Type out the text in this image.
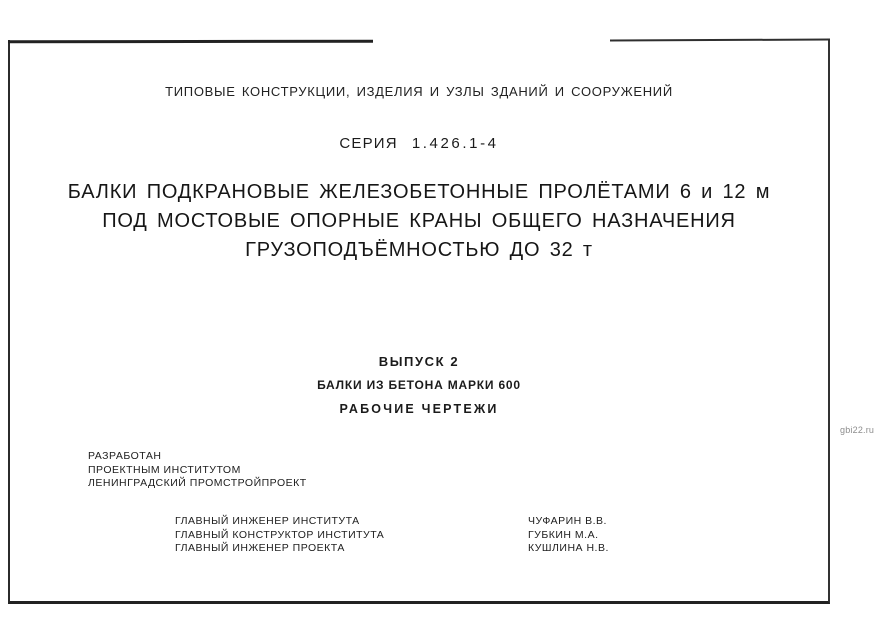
ТИПОВЫЕ КОНСТРУКЦИИ, ИЗДЕЛИЯ И УЗЛЫ ЗДАНИЙ И СООРУЖЕНИЙ
СЕРИЯ 1.426.1-4
БАЛКИ ПОДКРАНОВЫЕ ЖЕЛЕЗОБЕТОННЫЕ ПРОЛЁТАМИ 6 и 12 м
ПОД МОСТОВЫЕ ОПОРНЫЕ КРАНЫ ОБЩЕГО НАЗНАЧЕНИЯ
ГРУЗОПОДЪЁМНОСТЬЮ ДО 32 т
ВЫПУСК 2
БАЛКИ ИЗ БЕТОНА МАРКИ 600
РАБОЧИЕ ЧЕРТЕЖИ
РАЗРАБОТАН
ПРОЕКТНЫМ ИНСТИТУТОМ
ЛЕНИНГРАДСКИЙ ПРОМСТРОЙПРОЕКТ
ГЛАВНЫЙ ИНЖЕНЕР ИНСТИТУТА	ЧУФАРИН В.В.
ГЛАВНЫЙ КОНСТРУКТОР ИНСТИТУТА	ГУБКИН М.А.
ГЛАВНЫЙ ИНЖЕНЕР ПРОЕКТА	КУШЛИНА Н.В.
gbi22.ru
